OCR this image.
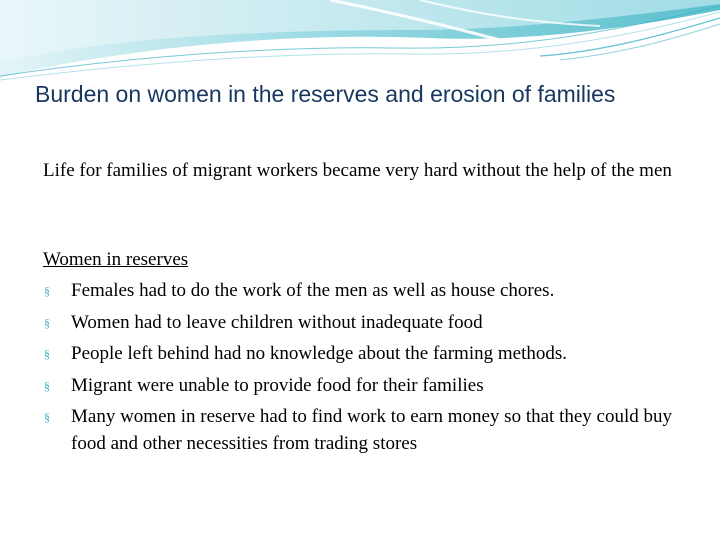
Burden on women in the reserves and erosion of families
Life for families of migrant workers became very hard without the help of the men
Women in reserves
§ Females had to do the work of the men as well as house chores.
§ Women had to leave children without inadequate food
§ People left behind had no knowledge about the farming methods.
§ Migrant were unable to provide food for their families
§ Many women in reserve had to find work to earn money so that they could buy food and other necessities from trading stores
